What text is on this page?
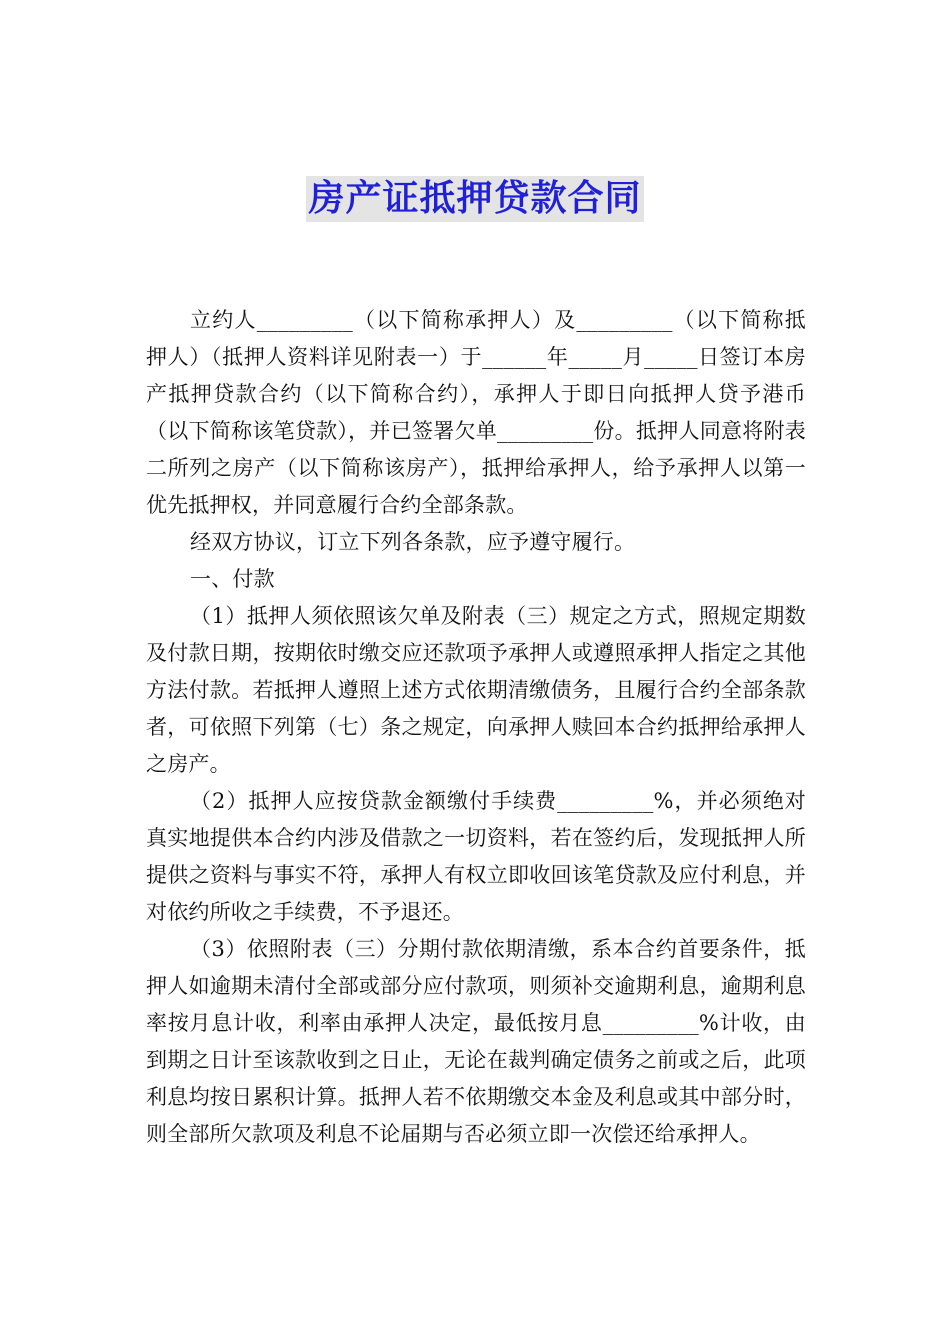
房产证抵押贷款合同

立约人_________（以下简称承押人）及_________（以下简称抵押人）（抵押人资料详见附表一）于______年_____月_____日签订本房产抵押贷款合约（以下简称合约），承押人于即日向抵押人贷予港币（以下简称该笔贷款），并已签署欠单_________份。抵押人同意将附表二所列之房产（以下简称该房产），抵押给承押人，给予承押人以第一优先抵押权，并同意履行合约全部条款。

经双方协议，订立下列各条款，应予遵守履行。

一、付款

（1）抵押人须依照该欠单及附表（三）规定之方式，照规定期数及付款日期，按期依时缴交应还款项予承押人或遵照承押人指定之其他方法付款。若抵押人遵照上述方式依期清缴债务，且履行合约全部条款者，可依照下列第（七）条之规定，向承押人赎回本合约抵押给承押人之房产。

（2）抵押人应按贷款金额缴付手续费_________%，并必须绝对真实地提供本合约内涉及借款之一切资料，若在签约后，发现抵押人所提供之资料与事实不符，承押人有权立即收回该笔贷款及应付利息，并对依约所收之手续费，不予退还。

（3）依照附表（三）分期付款依期清缴，系本合约首要条件，抵押人如逾期未清付全部或部分应付款项，则须补交逾期利息，逾期利息率按月息计收，利率由承押人决定，最低按月息_________%计收，由到期之日计至该款收到之日止，无论在裁判确定债务之前或之后，此项利息均按日累积计算。抵押人若不依期缴交本金及利息或其中部分时，则全部所欠款项及利息不论届期与否必须立即一次偿还给承押人。
